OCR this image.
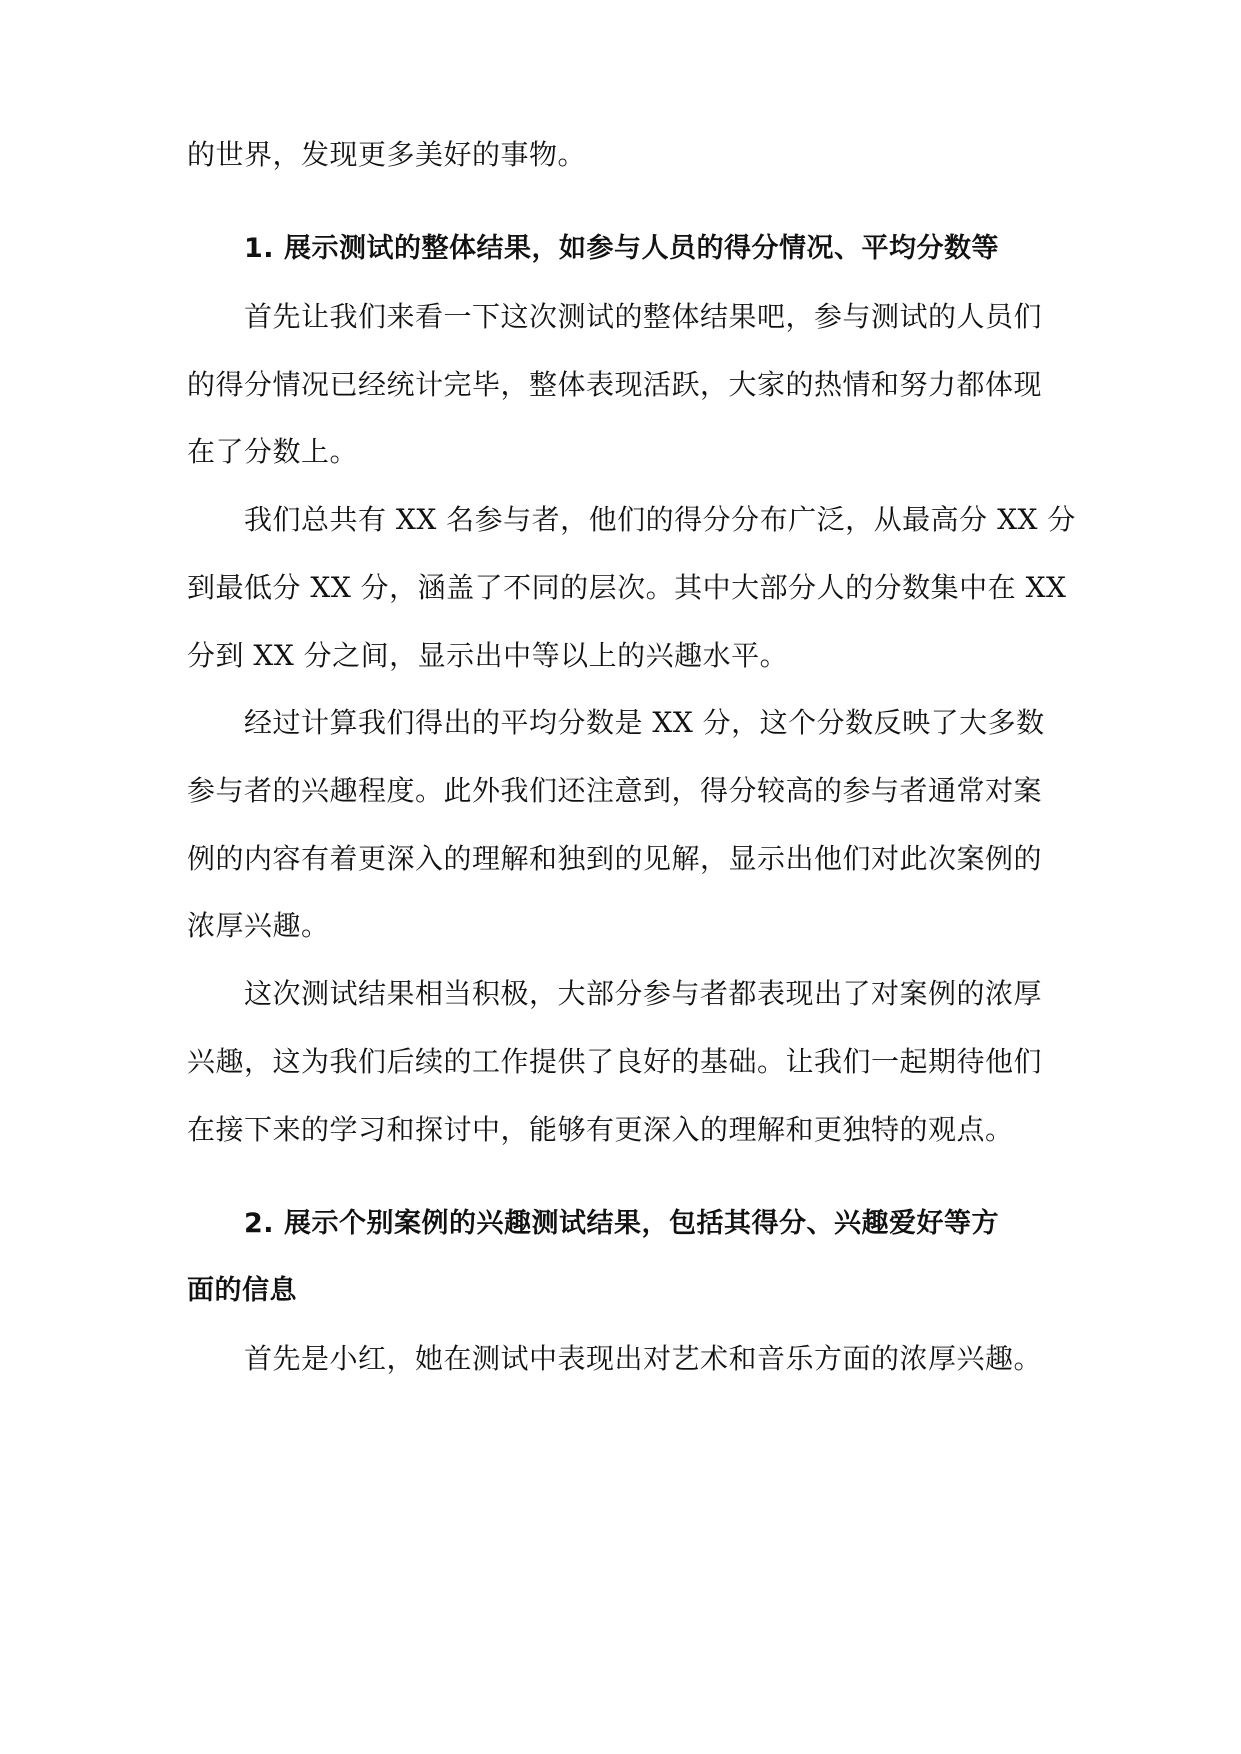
的世界，发现更多美好的事物。
1. 展示测试的整体结果，如参与人员的得分情况、平均分数等
首先让我们来看一下这次测试的整体结果吧，参与测试的人员们
的得分情况已经统计完毕，整体表现活跃，大家的热情和努力都体现
在了分数上。
我们总共有 XX 名参与者，他们的得分分布广泛，从最高分 XX 分
到最低分 XX 分，涵盖了不同的层次。其中大部分人的分数集中在 XX
分到 XX 分之间，显示出中等以上的兴趣水平。
经过计算我们得出的平均分数是 XX 分，这个分数反映了大多数
参与者的兴趣程度。此外我们还注意到，得分较高的参与者通常对案
例的内容有着更深入的理解和独到的见解，显示出他们对此次案例的
浓厚兴趣。
这次测试结果相当积极，大部分参与者都表现出了对案例的浓厚
兴趣，这为我们后续的工作提供了良好的基础。让我们一起期待他们
在接下来的学习和探讨中，能够有更深入的理解和更独特的观点。
2. 展示个别案例的兴趣测试结果，包括其得分、兴趣爱好等方
面的信息
首先是小红，她在测试中表现出对艺术和音乐方面的浓厚兴趣。
